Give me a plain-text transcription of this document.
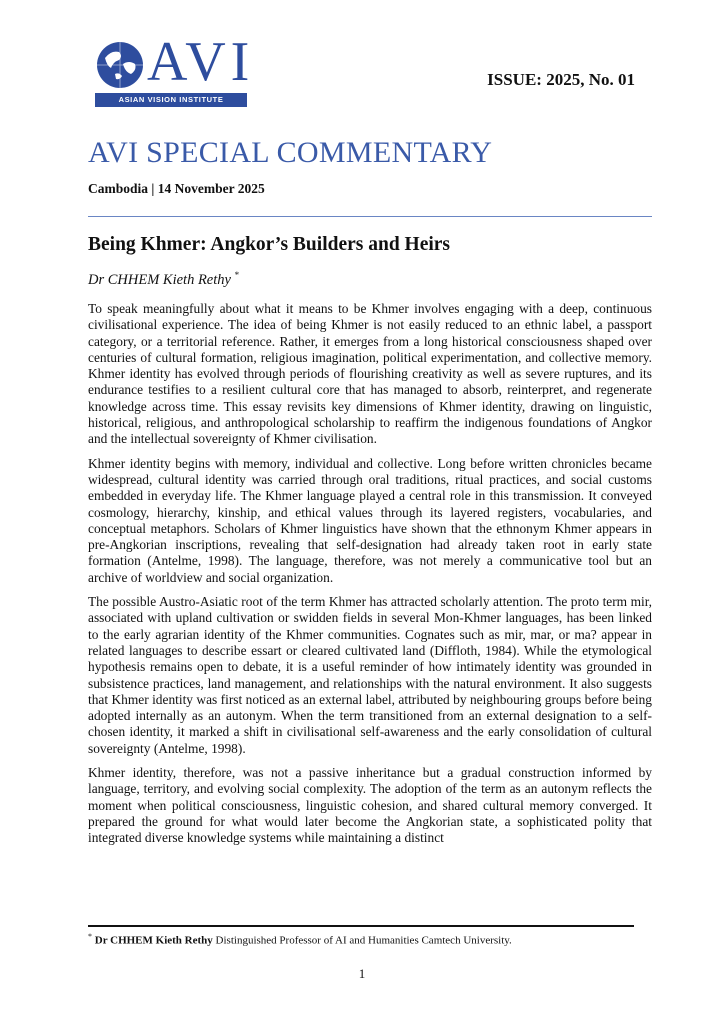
AVI
ASIAN VISION INSTITUTE
ISSUE: 2025, No. 01
AVI SPECIAL COMMENTARY
Cambodia | 14 November 2025
Being Khmer: Angkor’s Builders and Heirs
Dr CHHEM Kieth Rethy *

To speak meaningfully about what it means to be Khmer involves engaging with a deep, continuous civilisational experience. The idea of being Khmer is not easily reduced to an ethnic label, a passport category, or a territorial reference. Rather, it emerges from a long historical consciousness shaped over centuries of cultural formation, religious imagination, political experimentation, and collective memory. Khmer identity has evolved through periods of flourishing creativity as well as severe ruptures, and its endurance testifies to a resilient cultural core that has managed to absorb, reinterpret, and regenerate knowledge across time. This essay revisits key dimensions of Khmer identity, drawing on linguistic, historical, religious, and anthropological scholarship to reaffirm the indigenous foundations of Angkor and the intellectual sovereignty of Khmer civilisation.

Khmer identity begins with memory, individual and collective. Long before written chronicles became widespread, cultural identity was carried through oral traditions, ritual practices, and social customs embedded in everyday life. The Khmer language played a central role in this transmission. It conveyed cosmology, hierarchy, kinship, and ethical values through its layered registers, vocabularies, and conceptual metaphors. Scholars of Khmer linguistics have shown that the ethnonym Khmer appears in pre-Angkorian inscriptions, revealing that self-designation had already taken root in early state formation (Antelme, 1998). The language, therefore, was not merely a communicative tool but an archive of worldview and social organization.

The possible Austro-Asiatic root of the term Khmer has attracted scholarly attention. The proto term mir, associated with upland cultivation or swidden fields in several Mon-Khmer languages, has been linked to the early agrarian identity of the Khmer communities. Cognates such as mir, mar, or ma? appear in related languages to describe essart or cleared cultivated land (Diffloth, 1984). While the etymological hypothesis remains open to debate, it is a useful reminder of how intimately identity was grounded in subsistence practices, land management, and relationships with the natural environment. It also suggests that Khmer identity was first noticed as an external label, attributed by neighbouring groups before being adopted internally as an autonym. When the term transitioned from an external designation to a self-chosen identity, it marked a shift in civilisational self-awareness and the early consolidation of cultural sovereignty (Antelme, 1998).

Khmer identity, therefore, was not a passive inheritance but a gradual construction informed by language, territory, and evolving social complexity. The adoption of the term as an autonym reflects the moment when political consciousness, linguistic cohesion, and shared cultural memory converged. It prepared the ground for what would later become the Angkorian state, a sophisticated polity that integrated diverse knowledge systems while maintaining a distinct

* Dr CHHEM Kieth Rethy Distinguished Professor of AI and Humanities Camtech University.
1
